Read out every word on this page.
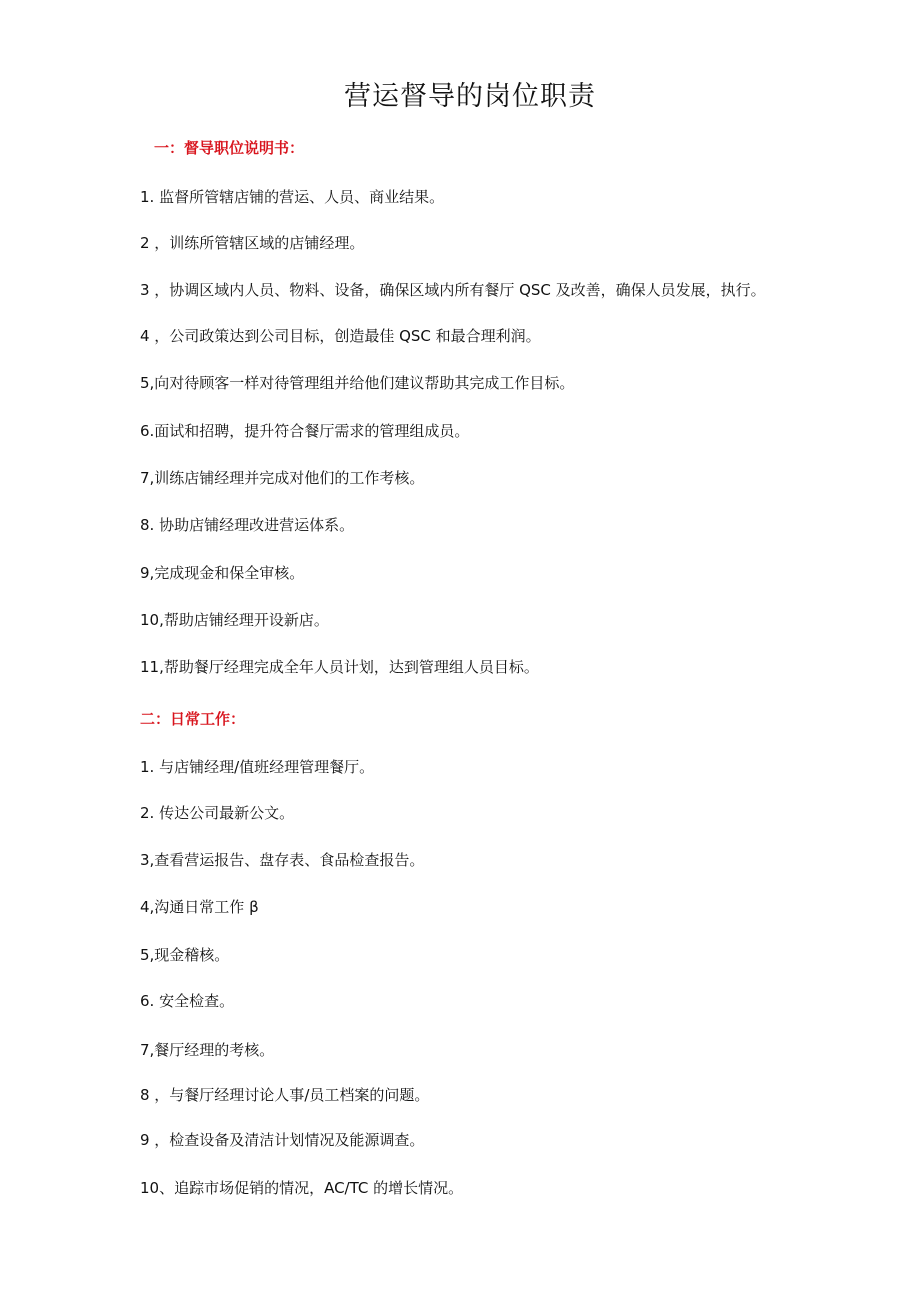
营运督导的岗位职责
一：督导职位说明书：

1. 监督所管辖店铺的营运、人员、商业结果。

2 ，训练所管辖区域的店铺经理。

3 ，协调区域内人员、物料、设备，确保区域内所有餐厅 QSC 及改善，确保人员发展，执行。

4 ，公司政策达到公司目标，创造最佳 QSC 和最合理利润。

5,向对待顾客一样对待管理组并给他们建议帮助其完成工作目标。

6.面试和招聘，提升符合餐厅需求的管理组成员。

7,训练店铺经理并完成对他们的工作考核。

8. 协助店铺经理改进营运体系。

9,完成现金和保全审核。

10,帮助店铺经理开设新店。

11,帮助餐厅经理完成全年人员计划，达到管理组人员目标。

二：日常工作：

1. 与店铺经理/值班经理管理餐厅。

2. 传达公司最新公文。

3,查看营运报告、盘存表、食品检查报告。

4,沟通日常工作 β

5,现金稽核。

6. 安全检查。

7,餐厅经理的考核。

8 ，与餐厅经理讨论人事/员工档案的问题。

9 ，检查设备及清洁计划情况及能源调查。

10、追踪市场促销的情况，AC/TC 的增长情况。
